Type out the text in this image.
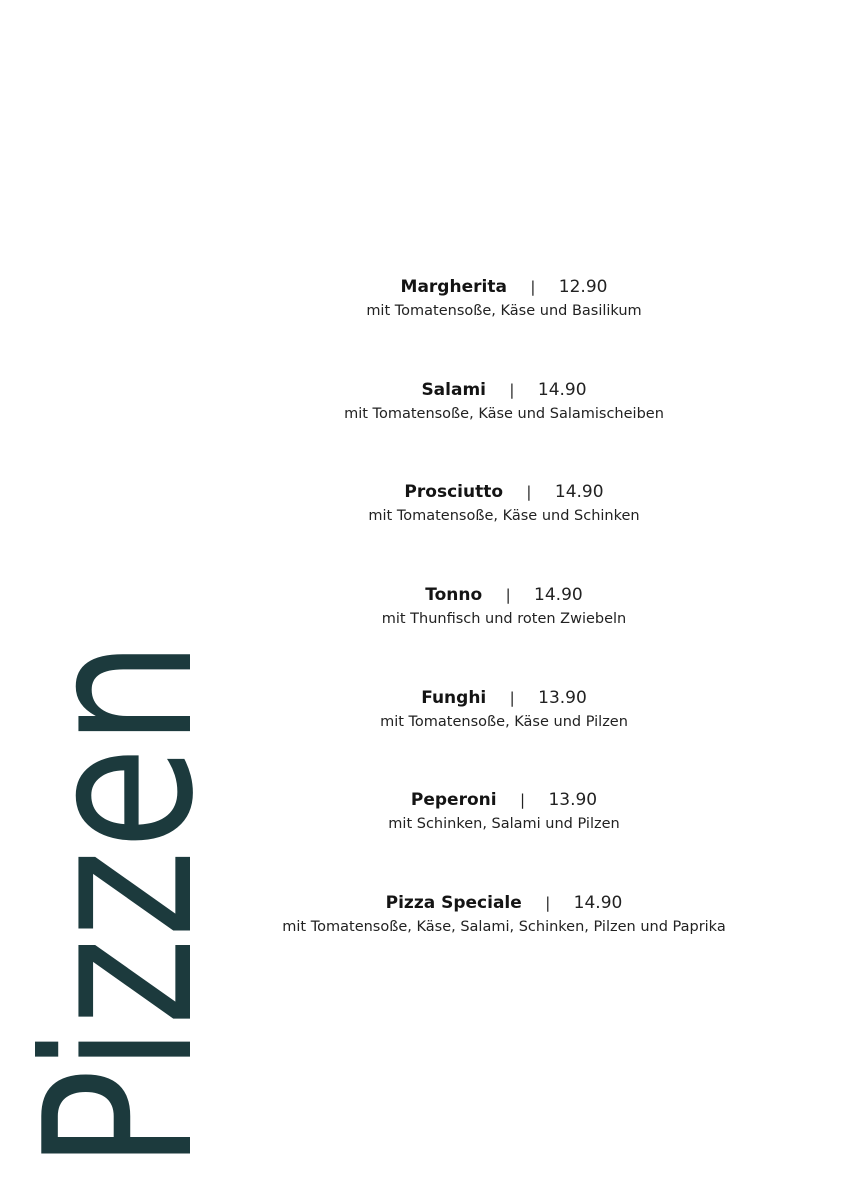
Pizzen
Margherita | 12.90
mit Tomatensoße, Käse und Basilikum
Salami | 14.90
mit Tomatensoße, Käse und Salamischeiben
Prosciutto | 14.90
mit Tomatensoße, Käse und Schinken
Tonno | 14.90
mit Thunfisch und roten Zwiebeln
Funghi | 13.90
mit Tomatensoße, Käse und Pilzen
Peperoni | 13.90
mit Schinken, Salami und Pilzen
Pizza Speciale | 14.90
mit Tomatensoße, Käse, Salami, Schinken, Pilzen und Paprika
